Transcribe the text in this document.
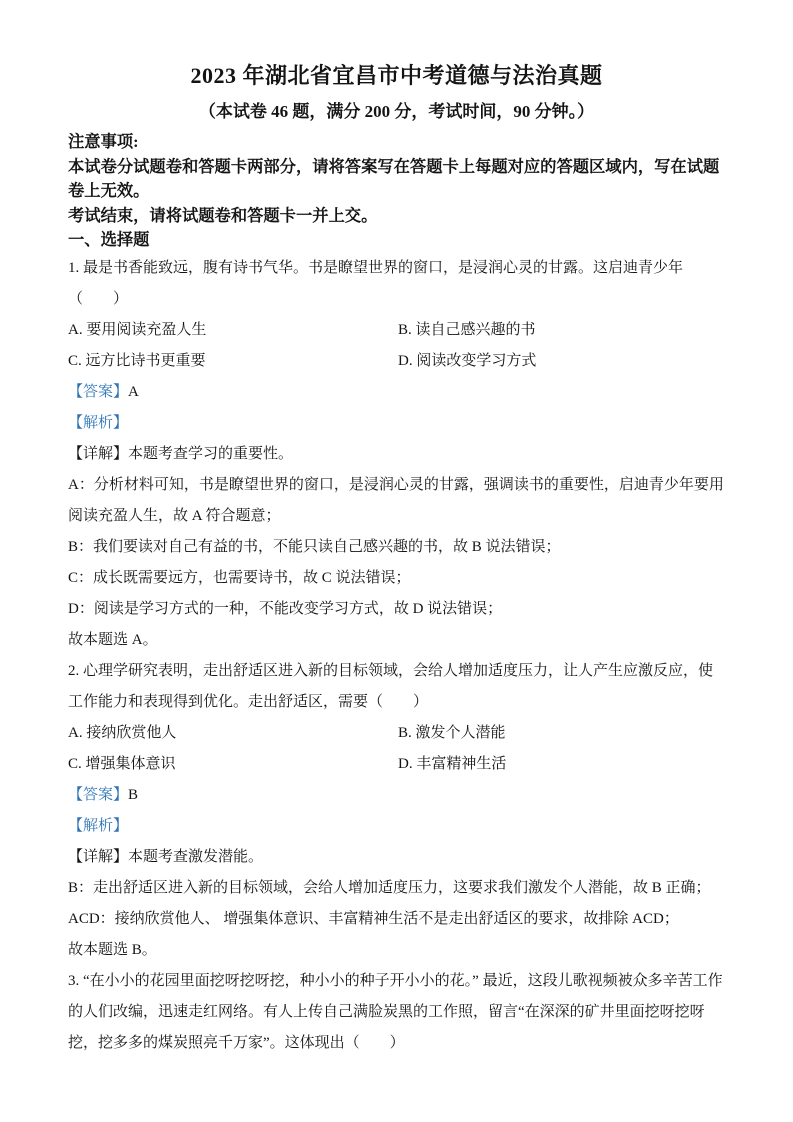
2023 年湖北省宜昌市中考道德与法治真题

（本试卷 46 题，满分 200 分，考试时间，90 分钟。）

注意事项:

本试卷分试题卷和答题卡两部分，请将答案写在答题卡上每题对应的答题区域内，写在试题卷上无效。

考试结束，请将试题卷和答题卡一并上交。

一、选择题

1. 最是书香能致远，腹有诗书气华。书是瞭望世界的窗口，是浸润心灵的甘露。这启迪青少年（　　）

A. 要用阅读充盈人生	B. 读自己感兴趣的书
C. 远方比诗书更重要	D. 阅读改变学习方式

【答案】A

【解析】

【详解】本题考查学习的重要性。

A：分析材料可知，书是瞭望世界的窗口，是浸润心灵的甘露，强调读书的重要性，启迪青少年要用阅读充盈人生，故 A 符合题意；

B：我们要读对自己有益的书，不能只读自己感兴趣的书，故 B 说法错误；

C：成长既需要远方，也需要诗书，故 C 说法错误；

D：阅读是学习方式的一种，不能改变学习方式，故 D 说法错误；

故本题选 A。

2. 心理学研究表明，走出舒适区进入新的目标领域，会给人增加适度压力，让人产生应激反应，使工作能力和表现得到优化。走出舒适区，需要（　　）

A. 接纳欣赏他人	B. 激发个人潜能
C. 增强集体意识	D. 丰富精神生活

【答案】B

【解析】

【详解】本题考查激发潜能。

B：走出舒适区进入新的目标领域，会给人增加适度压力，这要求我们激发个人潜能，故 B 正确；

ACD：接纳欣赏他人、 增强集体意识、丰富精神生活不是走出舒适区的要求，故排除 ACD；

故本题选 B。

3. “在小小的花园里面挖呀挖呀挖，种小小的种子开小小的花。” 最近，这段儿歌视频被众多辛苦工作的人们改编，迅速走红网络。有人上传自己满脸炭黑的工作照，留言“在深深的矿井里面挖呀挖呀挖，挖多多的煤炭照亮千万家”。这体现出（　　）
